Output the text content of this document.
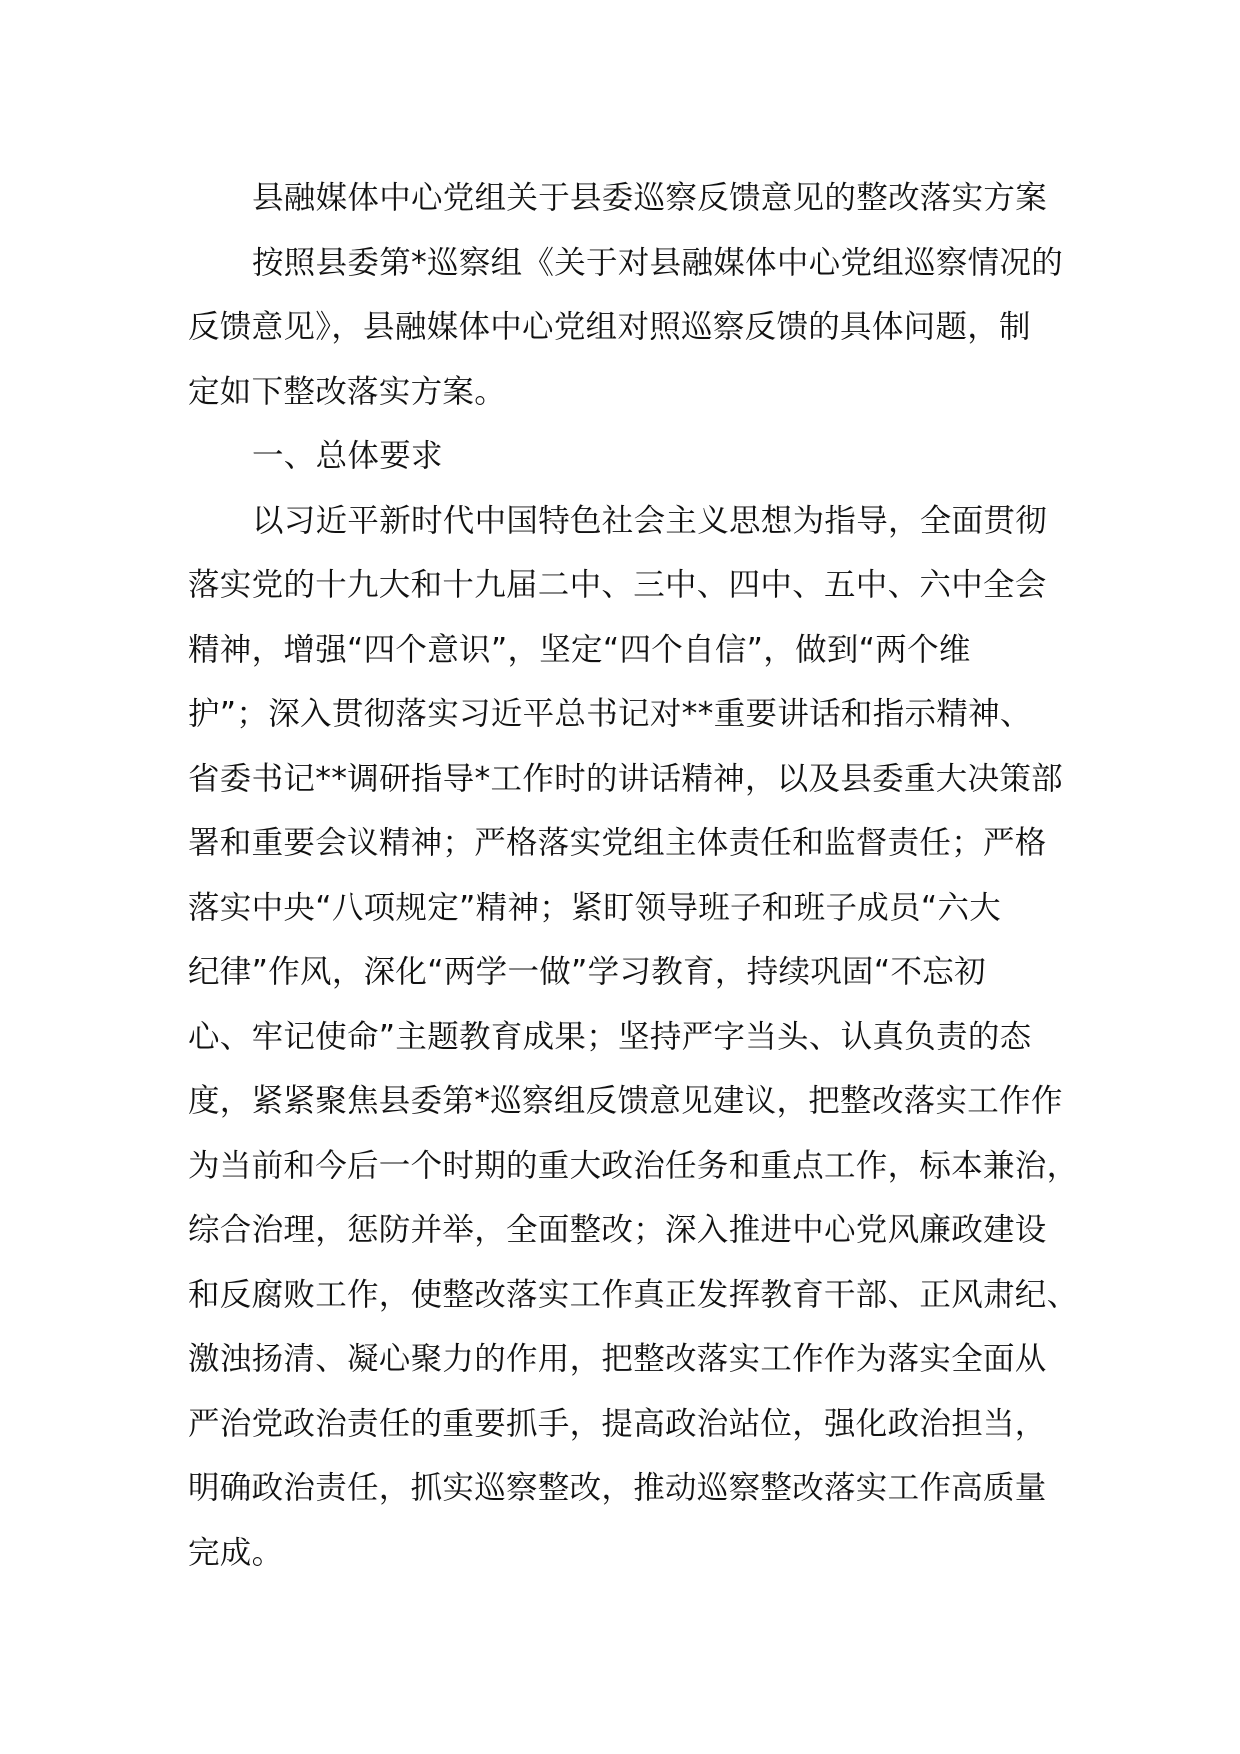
县融媒体中心党组关于县委巡察反馈意见的整改落实方案
按照县委第*巡察组《关于对县融媒体中心党组巡察情况的
反馈意见》，县融媒体中心党组对照巡察反馈的具体问题，制
定如下整改落实方案。
一、总体要求
以习近平新时代中国特色社会主义思想为指导，全面贯彻
落实党的十九大和十九届二中、三中、四中、五中、六中全会
精神，增强“四个意识”，坚定“四个自信”，做到“两个维
护”；深入贯彻落实习近平总书记对**重要讲话和指示精神、
省委书记**调研指导*工作时的讲话精神，以及县委重大决策部
署和重要会议精神；严格落实党组主体责任和监督责任；严格
落实中央“八项规定”精神；紧盯领导班子和班子成员“六大
纪律”作风，深化“两学一做”学习教育，持续巩固“不忘初
心、牢记使命”主题教育成果；坚持严字当头、认真负责的态
度，紧紧聚焦县委第*巡察组反馈意见建议，把整改落实工作作
为当前和今后一个时期的重大政治任务和重点工作，标本兼治，
综合治理，惩防并举，全面整改；深入推进中心党风廉政建设
和反腐败工作，使整改落实工作真正发挥教育干部、正风肃纪、
激浊扬清、凝心聚力的作用，把整改落实工作作为落实全面从
严治党政治责任的重要抓手，提高政治站位，强化政治担当，
明确政治责任，抓实巡察整改，推动巡察整改落实工作高质量
完成。
